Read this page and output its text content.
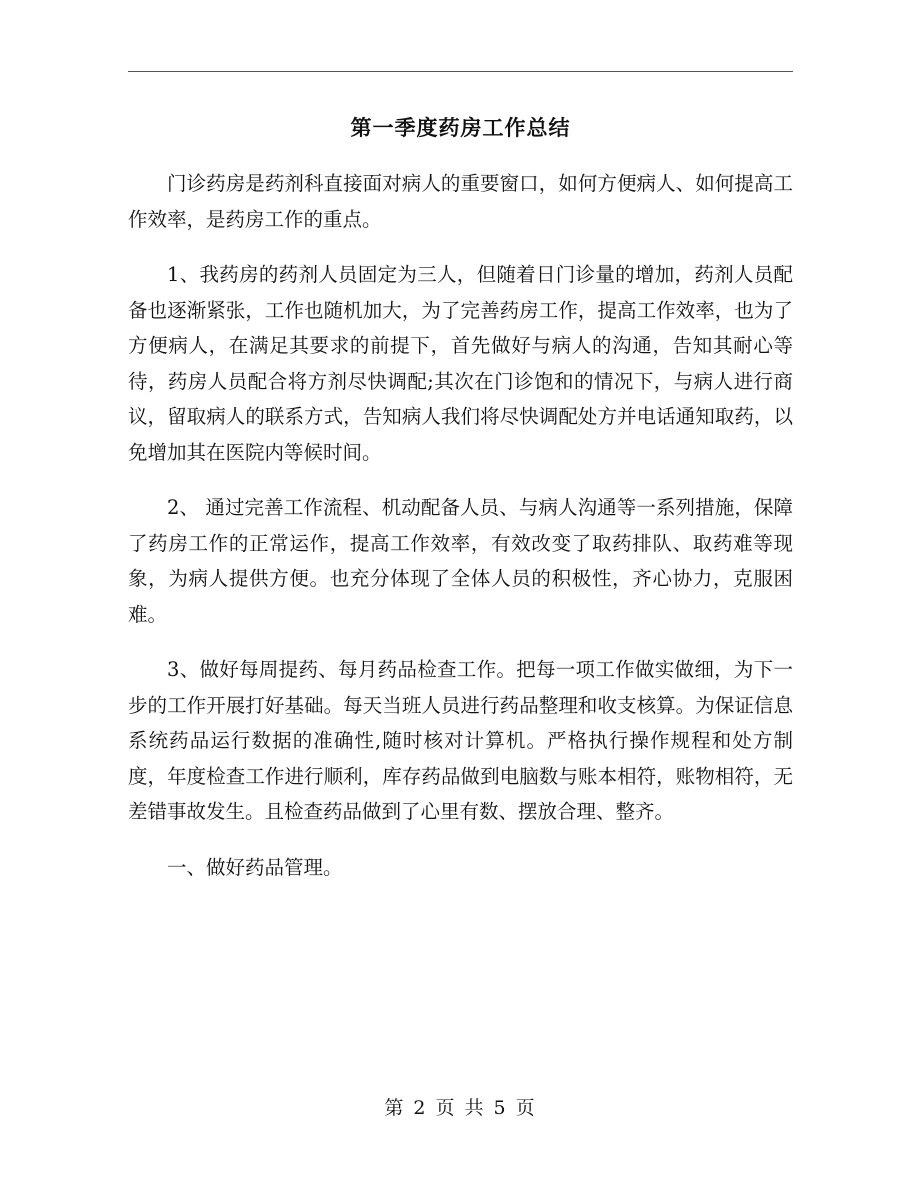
第一季度药房工作总结

门诊药房是药剂科直接面对病人的重要窗口，如何方便病人、如何提高工作效率，是药房工作的重点。

1、我药房的药剂人员固定为三人，但随着日门诊量的增加，药剂人员配备也逐渐紧张，工作也随机加大，为了完善药房工作，提高工作效率，也为了方便病人，在满足其要求的前提下，首先做好与病人的沟通，告知其耐心等待，药房人员配合将方剂尽快调配;其次在门诊饱和的情况下，与病人进行商议，留取病人的联系方式，告知病人我们将尽快调配处方并电话通知取药，以免增加其在医院内等候时间。

2、 通过完善工作流程、机动配备人员、与病人沟通等一系列措施，保障了药房工作的正常运作，提高工作效率，有效改变了取药排队、取药难等现象，为病人提供方便。也充分体现了全体人员的积极性，齐心协力，克服困难。

3、做好每周提药、每月药品检查工作。把每一项工作做实做细，为下一步的工作开展打好基础。每天当班人员进行药品整理和收支核算。为保证信息系统药品运行数据的准确性,随时核对计算机。严格执行操作规程和处方制度，年度检查工作进行顺利，库存药品做到电脑数与账本相符，账物相符，无差错事故发生。且检查药品做到了心里有数、摆放合理、整齐。

一、做好药品管理。

第 2 页 共 5 页
